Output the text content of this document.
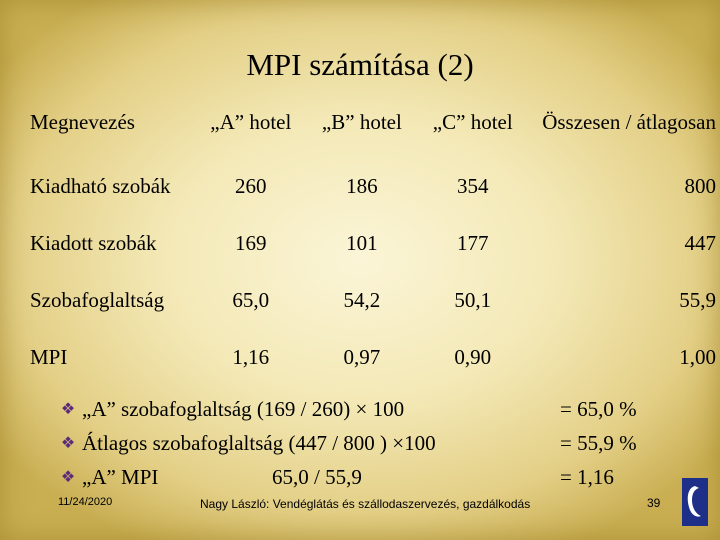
MPI számítása (2)
Megnevezés	„A” hotel	„B” hotel	„C” hotel	Összesen / átlagosan
Kiadható szobák	260	186	354	800
Kiadott szobák	169	101	177	447
Szobafoglaltság	65,0	54,2	50,1	55,9
MPI	1,16	0,97	0,90	1,00
❖ „A” szobafoglaltság (169 / 260) × 100	= 65,0 %
❖ Átlagos szobafoglaltság (447 / 800 ) ×100	= 55,9 %
❖ „A” MPI	65,0 / 55,9	= 1,16
11/24/2020	Nagy László: Vendéglátás és szállodaszervezés, gazdálkodás	39
